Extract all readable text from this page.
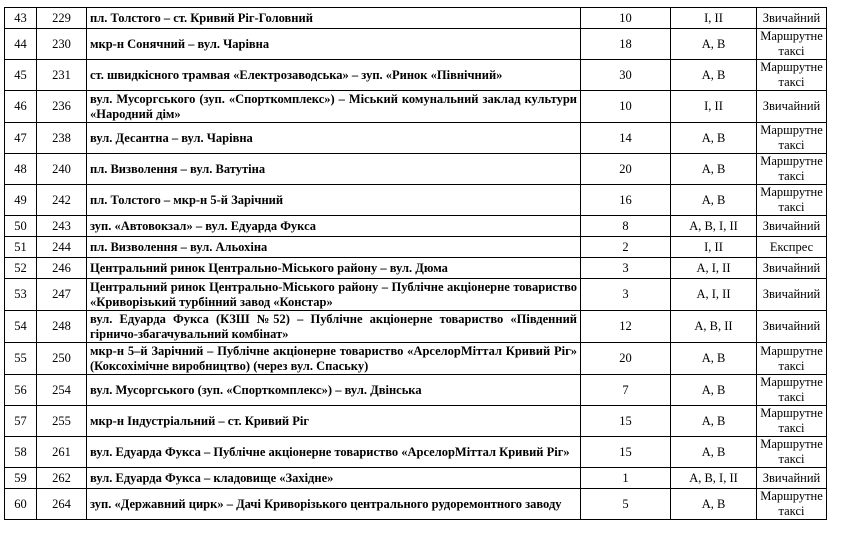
43	229	пл. Толстого – ст. Кривий Ріг-Головний	10	I, II	Звичайний
44	230	мкр-н Сонячний – вул. Чарівна	18	A, B	Маршрутне таксі
45	231	ст. швидкісного трамвая «Електрозаводська» – зуп. «Ринок «Північний»	30	A, B	Маршрутне таксі
46	236	вул. Мусоргського (зуп. «Спорткомплекс») – Міський комунальний заклад культури «Народний дім»	10	I, II	Звичайний
47	238	вул. Десантна – вул. Чарівна	14	A, B	Маршрутне таксі
48	240	пл. Визволення – вул. Ватутіна	20	A, B	Маршрутне таксі
49	242	пл. Толстого – мкр-н 5-й Зарічний	16	A, B	Маршрутне таксі
50	243	зуп. «Автовокзал» – вул. Едуарда Фукса	8	A, B, I, II	Звичайний
51	244	пл. Визволення – вул. Альохіна	2	I, II	Експрес
52	246	Центральний ринок Центрально-Міського району – вул. Дюма	3	A, I, II	Звичайний
53	247	Центральний ринок Центрально-Міського району – Публічне акціонерне товариство «Криворізький турбінний завод «Констар»	3	A, I, II	Звичайний
54	248	вул. Едуарда Фукса (КЗШ №52) – Публічне акціонерне товариство «Південний гірничо-збагачувальний комбінат»	12	A, B, II	Звичайний
55	250	мкр-н 5–й Зарічний – Публічне акціонерне товариство «АрселорМіттал Кривий Ріг» (Коксохімічне виробництво) (через вул. Спаську)	20	A, B	Маршрутне таксі
56	254	вул. Мусоргського (зуп. «Спорткомплекс») – вул. Двінська	7	A, B	Маршрутне таксі
57	255	мкр-н Індустріальний – ст. Кривий Ріг	15	A, B	Маршрутне таксі
58	261	вул. Едуарда Фукса – Публічне акціонерне товариство «АрселорМіттал Кривий Ріг»	15	A, B	Маршрутне таксі
59	262	вул. Едуарда Фукса – кладовище «Західне»	1	A, B, I, II	Звичайний
60	264	зуп. «Державний цирк» – Дачі Криворізького центрального рудоремонтного заводу	5	A, B	Маршрутне таксі
